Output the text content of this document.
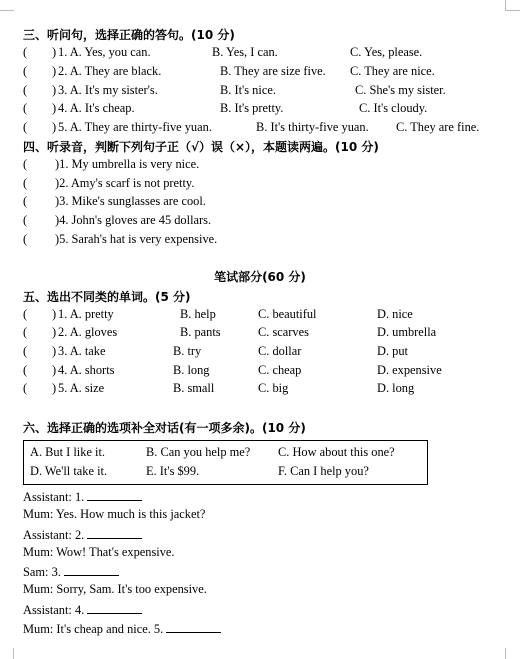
三、听问句，选择正确的答句。(10 分)
( ) 1. A. Yes, you can.	B. Yes, I can.	C. Yes, please.
( ) 2. A. They are black.	B. They are size five. C. They are nice.
( ) 3. A. It's my sister's.	B. It's nice.	C. She's my sister.
( ) 4. A. It's cheap.	B. It's pretty.	C. It's cloudy.
( ) 5. A. They are thirty-five yuan.	B. It's thirty-five yuan. C. They are fine.
四、听录音，判断下列句子正（√）误（×），本题读两遍。(10 分)
( )1. My umbrella is very nice.
( )2. Amy's scarf is not pretty.
( )3. Mike's sunglasses are cool.
( )4. John's gloves are 45 dollars.
( )5. Sarah's hat is very expensive.
笔试部分(60 分)
五、选出不同类的单词。(5 分)
( ) 1. A. pretty	B. help	C. beautiful	D. nice
( ) 2. A. gloves	B. pants	C. scarves	D. umbrella
( ) 3. A. take	B. try	C. dollar	D. put
( ) 4. A. shorts	B. long	C. cheap	D. expensive
( ) 5. A. size	B. small	C. big	D. long
六、选择正确的选项补全对话(有一项多余)。(10 分)
A. But I like it.	B. Can you help me? C. How about this one?
D. We'll take it.	E. It's $99.	F. Can I help you?
Assistant: 1.
Mum: Yes. How much is this jacket?
Assistant: 2.
Mum: Wow! That's expensive.
Sam: 3.
Mum: Sorry, Sam. It's too expensive.
Assistant: 4.
Mum: It's cheap and nice. 5.
